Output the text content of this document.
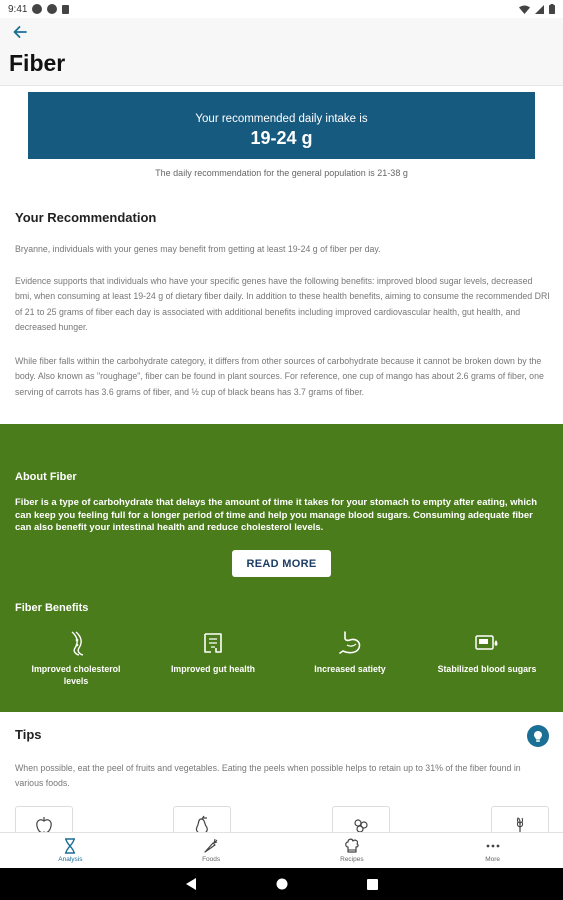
9:41
Fiber
Your recommended daily intake is
19-24 g
The daily recommendation for the general population is 21-38 g
Your Recommendation
Bryanne, individuals with your genes may benefit from getting at least 19-24 g of fiber per day.
Evidence supports that individuals who have your specific genes have the following benefits: improved blood sugar levels, decreased bmi, when consuming at least 19-24 g of dietary fiber daily. In addition to these health benefits, aiming to consume the recommended DRI of 21 to 25 grams of fiber each day is associated with additional benefits including improved cardiovascular health, gut health, and decreased hunger.
While fiber falls within the carbohydrate category, it differs from other sources of carbohydrate because it cannot be broken down by the body. Also known as "roughage", fiber can be found in plant sources. For reference, one cup of mango has about 2.6 grams of fiber, one serving of carrots has 3.6 grams of fiber, and ½ cup of black beans has 3.7 grams of fiber.
About Fiber
Fiber is a type of carbohydrate that delays the amount of time it takes for your stomach to empty after eating, which can keep you feeling full for a longer period of time and help you manage blood sugars. Consuming adequate fiber can also benefit your intestinal health and reduce cholesterol levels.
READ MORE
Fiber Benefits
Improved cholesterol levels
Improved gut health	Increased satiety	Stabilized blood sugars
Tips
When possible, eat the peel of fruits and vegetables. Eating the peels when possible helps to retain up to 31% of the fiber found in various foods.
Analysis	Foods	Recipes	More
